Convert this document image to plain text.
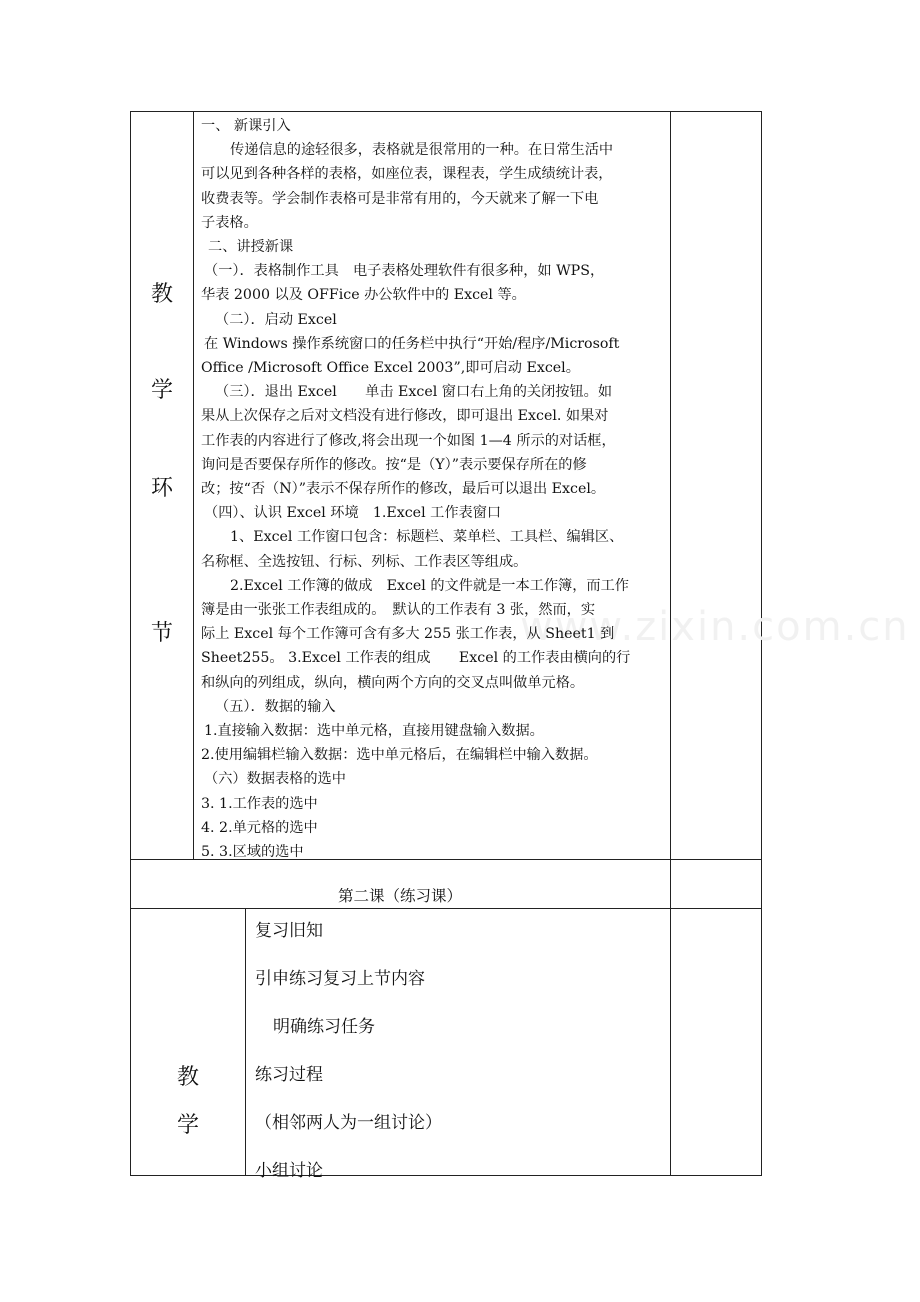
www.zixin.com.cn
教
学
环
节

一、 新课引入

传递信息的途轻很多，表格就是很常用的一种。在日常生活中

可以见到各种各样的表格，如座位表，课程表，学生成绩统计表，

收费表等。学会制作表格可是非常有用的，今天就来了解一下电

子表格。

二、讲授新课

（一）．表格制作工具　电子表格处理软件有很多种，如 WPS，

华表 2000 以及 OFFice 办公软件中的 Excel 等。

（二）．启动 Excel

在 Windows 操作系统窗口的任务栏中执行“开始/程序/Microsoft

Office /Microsoft Office Excel 2003”,即可启动 Excel。

（三）．退出 Excel　　单击 Excel 窗口右上角的关闭按钮。如

果从上次保存之后对文档没有进行修改，即可退出 Excel. 如果对

工作表的内容进行了修改,将会出现一个如图 1—4 所示的对话框，

询问是否要保存所作的修改。按“是（Y）”表示要保存所在的修

改；按“否（N）”表示不保存所作的修改，最后可以退出 Excel。

（四）、认识 Excel 环境　1.Excel 工作表窗口

1、Excel 工作窗口包含：标题栏、菜单栏、工具栏、编辑区、

名称框、全选按钮、行标、列标、工作表区等组成。

2.Excel 工作簿的做成　Excel 的文件就是一本工作簿，而工作

簿是由一张张工作表组成的。　默认的工作表有 3 张，然而，实

际上 Excel 每个工作簿可含有多大 255 张工作表，从 Sheet1 到

Sheet255。 3.Excel 工作表的组成　　Excel 的工作表由横向的行

和纵向的列组成，纵向，横向两个方向的交叉点叫做单元格。

（五）．数据的输入

1.直接输入数据：选中单元格，直接用键盘输入数据。

2.使用编辑栏输入数据：选中单元格后，在编辑栏中输入数据。

（六）数据表格的选中

3. 1.工作表的选中

4. 2.单元格的选中

5. 3.区域的选中

第二课（练习课）
教
学

复习旧知

引申练习复习上节内容

明确练习任务

练习过程

（相邻两人为一组讨论）

小组讨论
